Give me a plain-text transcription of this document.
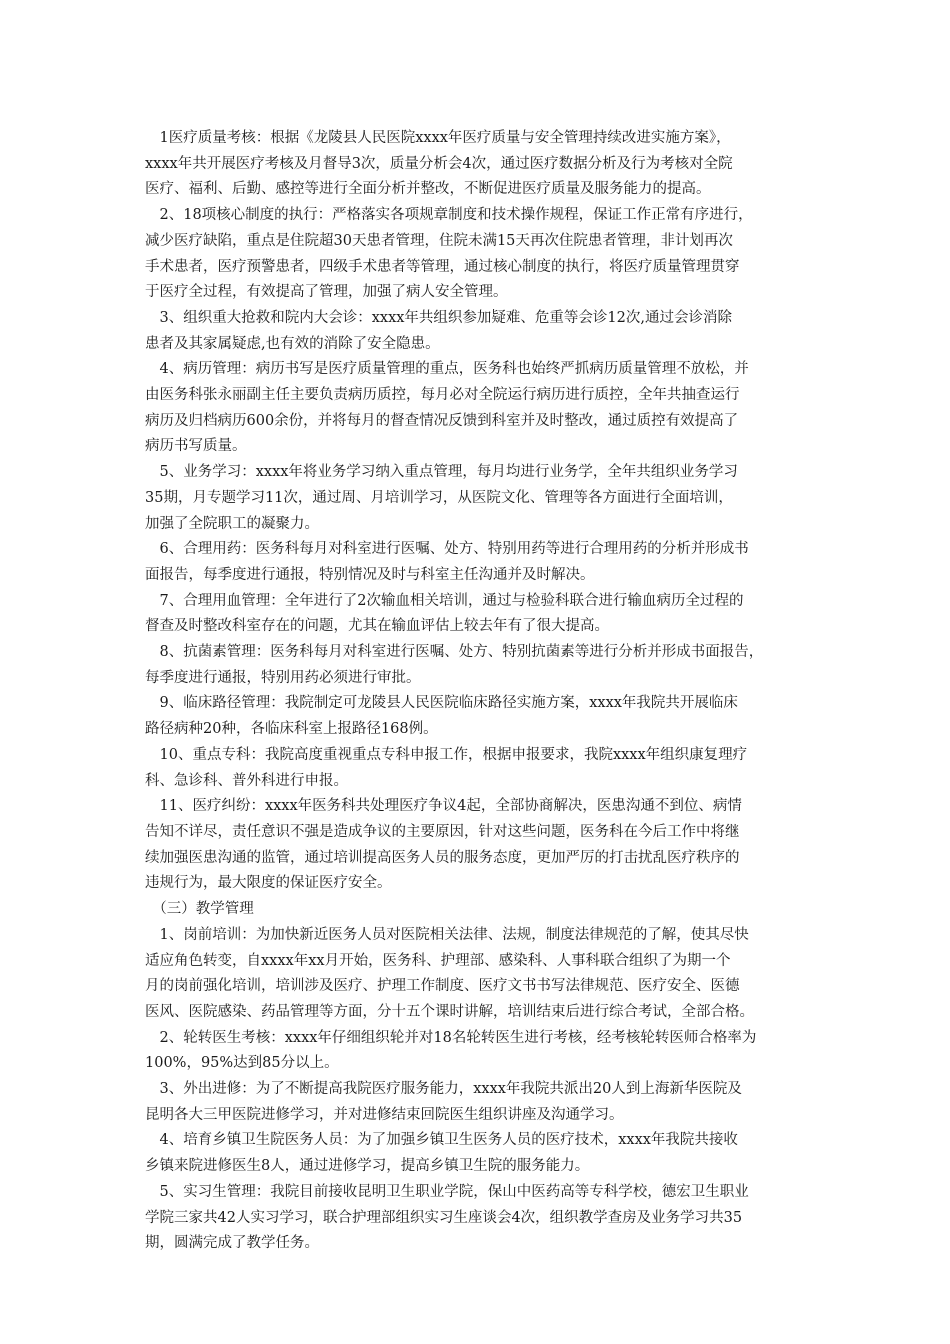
　1医疗质量考核：根据《龙陵县人民医院xxxx年医疗质量与安全管理持续改进实施方案》，

xxxx年共开展医疗考核及月督导3次，质量分析会4次，通过医疗数据分析及行为考核对全院

医疗、福利、后勤、感控等进行全面分析并整改，不断促进医疗质量及服务能力的提高。

　2、18项核心制度的执行：严格落实各项规章制度和技术操作规程，保证工作正常有序进行，

减少医疗缺陷，重点是住院超30天患者管理，住院未满15天再次住院患者管理，非计划再次

手术患者，医疗预警患者，四级手术患者等管理，通过核心制度的执行，将医疗质量管理贯穿

于医疗全过程，有效提高了管理，加强了病人安全管理。

　3、组织重大抢救和院内大会诊：xxxx年共组织参加疑难、危重等会诊12次,通过会诊消除

患者及其家属疑虑,也有效的消除了安全隐患。

　4、病历管理：病历书写是医疗质量管理的重点，医务科也始终严抓病历质量管理不放松，并

由医务科张永丽副主任主要负责病历质控，每月必对全院运行病历进行质控，全年共抽查运行

病历及归档病历600余份，并将每月的督查情况反馈到科室并及时整改，通过质控有效提高了

病历书写质量。

　5、业务学习：xxxx年将业务学习纳入重点管理，每月均进行业务学，全年共组织业务学习

35期，月专题学习11次，通过周、月培训学习，从医院文化、管理等各方面进行全面培训，

加强了全院职工的凝聚力。

　6、合理用药：医务科每月对科室进行医嘱、处方、特别用药等进行合理用药的分析并形成书

面报告，每季度进行通报，特别情况及时与科室主任沟通并及时解决。

　7、合理用血管理：全年进行了2次输血相关培训，通过与检验科联合进行输血病历全过程的

督查及时整改科室存在的问题，尤其在输血评估上较去年有了很大提高。

　8、抗菌素管理：医务科每月对科室进行医嘱、处方、特别抗菌素等进行分析并形成书面报告，

每季度进行通报，特别用药必须进行审批。

　9、临床路径管理：我院制定可龙陵县人民医院临床路径实施方案，xxxx年我院共开展临床

路径病种20种，各临床科室上报路径168例。

　10、重点专科：我院高度重视重点专科申报工作，根据申报要求，我院xxxx年组织康复理疗

科、急诊科、普外科进行申报。

　11、医疗纠纷：xxxx年医务科共处理医疗争议4起，全部协商解决，医患沟通不到位、病情

告知不详尽，责任意识不强是造成争议的主要原因，针对这些问题，医务科在今后工作中将继

续加强医患沟通的监管，通过培训提高医务人员的服务态度，更加严厉的打击扰乱医疗秩序的

违规行为，最大限度的保证医疗安全。

　（三）教学管理

　1、岗前培训：为加快新近医务人员对医院相关法律、法规，制度法律规范的了解，使其尽快

适应角色转变，自xxxx年xx月开始，医务科、护理部、感染科、人事科联合组织了为期一个

月的岗前强化培训，培训涉及医疗、护理工作制度、医疗文书书写法律规范、医疗安全、医德

医风、医院感染、药品管理等方面，分十五个课时讲解，培训结束后进行综合考试，全部合格。

　2、轮转医生考核：xxxx年仔细组织轮并对18名轮转医生进行考核，经考核轮转医师合格率为

100%，95%达到85分以上。

　3、外出进修：为了不断提高我院医疗服务能力，xxxx年我院共派出20人到上海新华医院及

昆明各大三甲医院进修学习，并对进修结束回院医生组织讲座及沟通学习。

　4、培育乡镇卫生院医务人员：为了加强乡镇卫生医务人员的医疗技术，xxxx年我院共接收

乡镇来院进修医生8人，通过进修学习，提高乡镇卫生院的服务能力。

　5、实习生管理：我院目前接收昆明卫生职业学院，保山中医药高等专科学校，德宏卫生职业

学院三家共42人实习学习，联合护理部组织实习生座谈会4次，组织教学查房及业务学习共35

期，圆满完成了教学任务。
